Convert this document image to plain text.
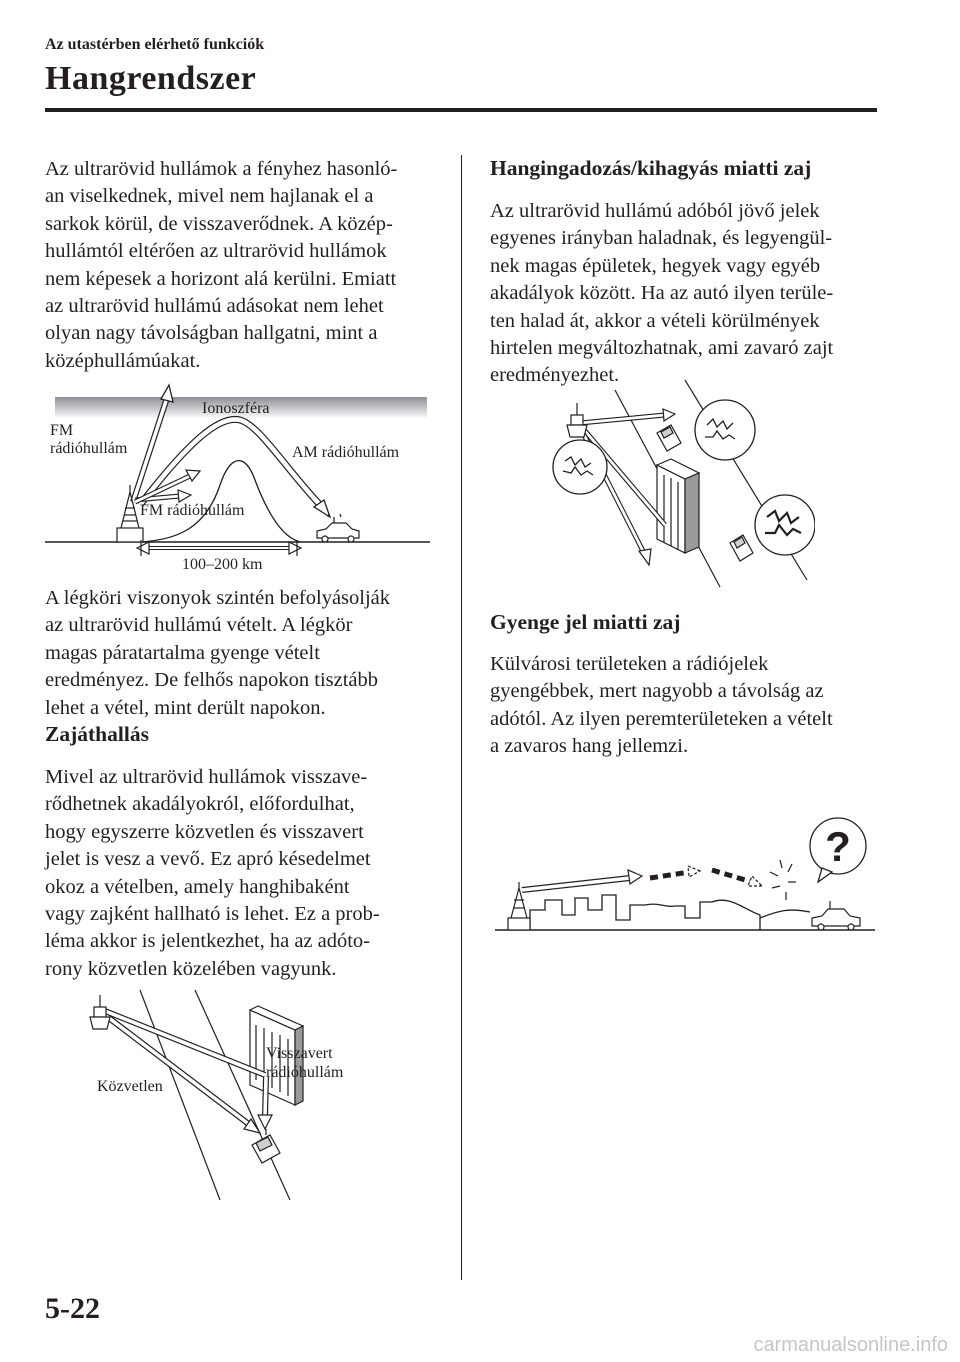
Az utastérben elérhető funkciók
Hangrendszer

Az ultrarövid hullámok a fényhez hasonló-
an viselkednek, mivel nem hajlanak el a
sarkok körül, de visszaverődnek. A közép-
hullámtól eltérően az ultrarövid hullámok
nem képesek a horizont alá kerülni. Emiatt
az ultrarövid hullámú adásokat nem lehet
olyan nagy távolságban hallgatni, mint a
középhullámúakat.

Ionoszféra
FM
rádióhullám	AM rádióhullám
FM rádióhullám
100–200 km

A légköri viszonyok szintén befolyásolják
az ultrarövid hullámú vételt. A légkör
magas páratartalma gyenge vételt
eredményez. De felhős napokon tisztább
lehet a vétel, mint derült napokon.

Zajáthallás

Mivel az ultrarövid hullámok visszave-
rődhetnek akadályokról, előfordulhat,
hogy egyszerre közvetlen és visszavert
jelet is vesz a vevő. Ez apró késedelmet
okoz a vételben, amely hanghibaként
vagy zajként hallható is lehet. Ez a prob-
léma akkor is jelentkezhet, ha az adóto-
rony közvetlen közelében vagyunk.

Visszavert
rádióhullám
Közvetlen
Hangingadozás/kihagyás miatti zaj

Az ultrarövid hullámú adóból jövő jelek
egyenes irányban haladnak, és legyengül-
nek magas épületek, hegyek vagy egyéb
akadályok között. Ha az autó ilyen terüle-
ten halad át, akkor a vételi körülmények
hirtelen megváltozhatnak, ami zavaró zajt
eredményezhet.

Gyenge jel miatti zaj

Külvárosi területeken a rádiójelek
gyengébbek, mert nagyobb a távolság az
adótól. Az ilyen peremterületeken a vételt
a zavaros hang jellemzi.

?
5-22
carmanualsonline.info
